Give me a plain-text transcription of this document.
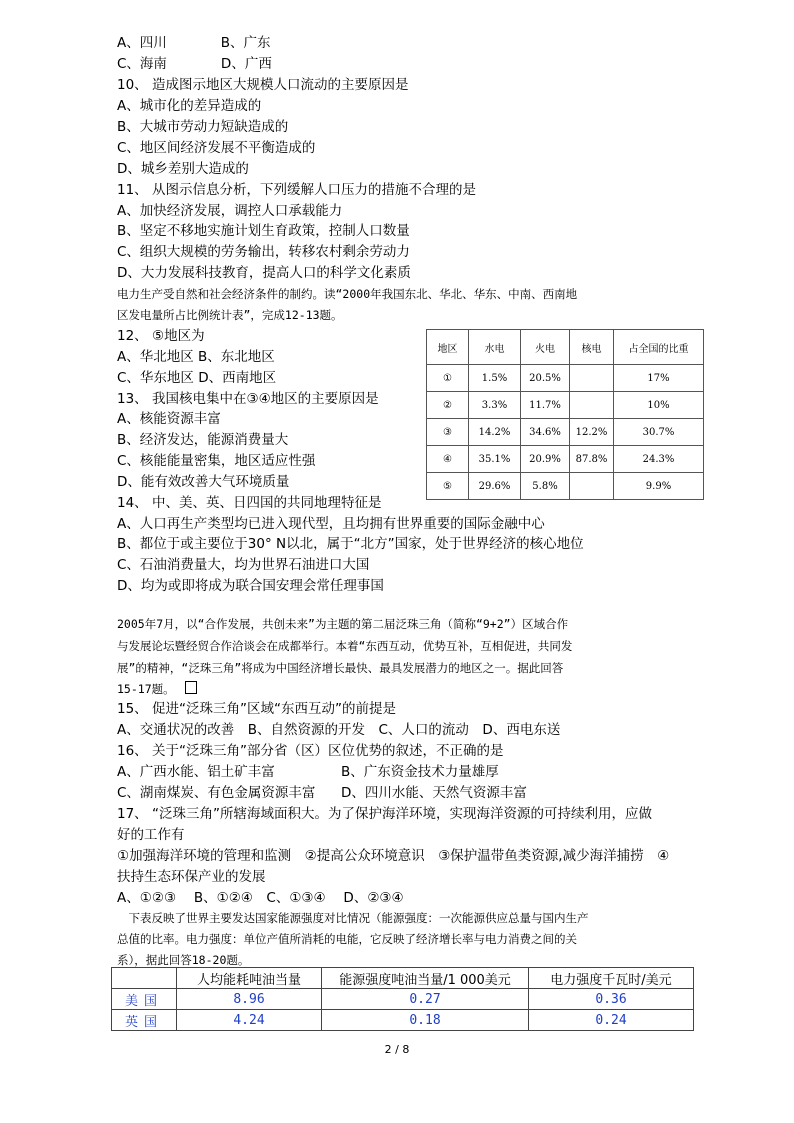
A、四川　　　　B、广东
C、海南　　　　D、广西
10、 造成图示地区大规模人口流动的主要原因是
A、城市化的差异造成的
B、大城市劳动力短缺造成的
C、地区间经济发展不平衡造成的
D、城乡差别大造成的
11、 从图示信息分析，下列缓解人口压力的措施不合理的是
A、加快经济发展，调控人口承载能力
B、坚定不移地实施计划生育政策，控制人口数量
C、组织大规模的劳务输出，转移农村剩余劳动力
D、大力发展科技教育，提高人口的科学文化素质
电力生产受自然和社会经济条件的制约。读“2000年我国东北、华北、华东、中南、西南地
区发电量所占比例统计表”，完成12-13题。
12、 ⑤地区为
A、华北地区 B、东北地区
C、华东地区 D、西南地区
13、 我国核电集中在③④地区的主要原因是
A、核能资源丰富
B、经济发达，能源消费量大
C、核能能量密集，地区适应性强
D、能有效改善大气环境质量
14、 中、美、英、日四国的共同地理特征是
A、人口再生产类型均已进入现代型，且均拥有世界重要的国际金融中心
B、都位于或主要位于30° N以北，属于“北方”国家，处于世界经济的核心地位
C、石油消费量大，均为世界石油进口大国
D、均为或即将成为联合国安理会常任理事国
2005年7月，以“合作发展，共创未来”为主题的第二届泛珠三角（简称“9+2”）区域合作
与发展论坛暨经贸合作洽谈会在成都举行。本着“东西互动，优势互补，互相促进，共同发
展”的精神，“泛珠三角”将成为中国经济增长最快、最具发展潜力的地区之一。据此回答
15-17题。
15、 促进“泛珠三角”区域“东西互动”的前提是
A、交通状况的改善　B、自然资源的开发　C、人口的流动　D、西电东送
16、 关于“泛珠三角”部分省（区）区位优势的叙述，不正确的是
A、广西水能、铝土矿丰富	B、广东资金技术力量雄厚
C、湖南煤炭、有色金属资源丰富 D、四川水能、天然气资源丰富
17、 “泛珠三角”所辖海域面积大。为了保护海洋环境，实现海洋资源的可持续利用，应做
好的工作有
①加强海洋环境的管理和监测　②提高公众环境意识　③保护温带鱼类资源,减少海洋捕捞　④
扶持生态环保产业的发展
A、①②③　 B、①②④　C、①③④　 D、②③④
　下表反映了世界主要发达国家能源强度对比情况（能源强度：一次能源供应总量与国内生产
总值的比率。电力强度：单位产值所消耗的电能，它反映了经济增长率与电力消费之间的关
系），据此回答18-20题。
地区	水电	火电	核电	占全国的比重
①	1.5%	20.5%		17%
②	3.3%	11.7%		10%
③	14.2%	34.6%	12.2%	30.7%
④	35.1%	20.9%	87.8%	24.3%
⑤	29.6%	5.8%		9.9%
	人均能耗吨油当量	能源强度吨油当量/1 000美元	电力强度千瓦时/美元
美国	8.96	0.27	0.36
英国	4.24	0.18	0.24
2 / 8
